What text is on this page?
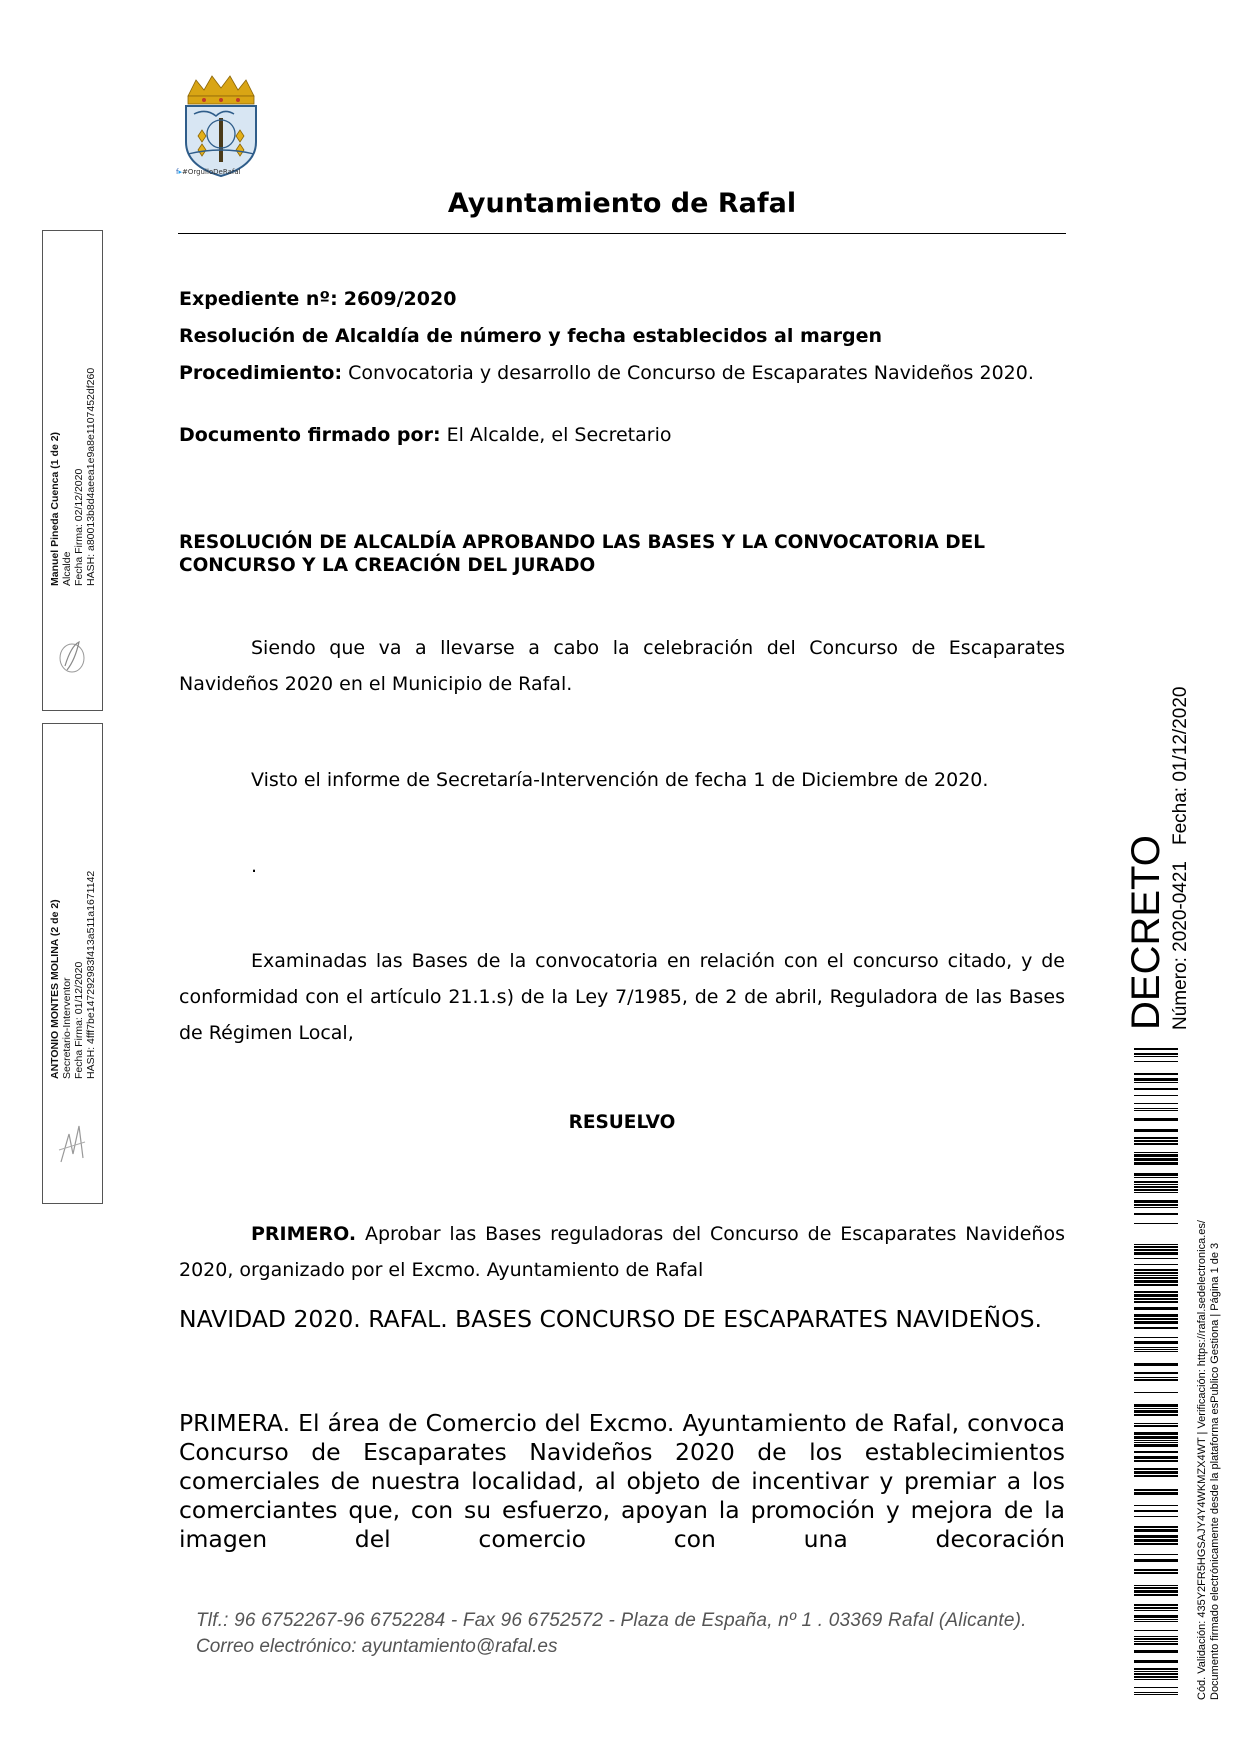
f▸#OrgulloDeRafal
Ayuntamiento de Rafal
Expediente nº: 2609/2020
Resolución de Alcaldía de número y fecha establecidos al margen
Procedimiento: Convocatoria y desarrollo de Concurso de Escaparates Navideños 2020.
Documento firmado por: El Alcalde, el Secretario
RESOLUCIÓN DE ALCALDÍA APROBANDO LAS BASES Y LA CONVOCATORIA DEL CONCURSO Y LA CREACIÓN DEL JURADO
Siendo que va a llevarse a cabo la celebración del Concurso de Escaparates Navideños 2020 en el Municipio de Rafal.
Visto el informe de Secretaría-Intervención de fecha 1 de Diciembre de 2020.
.
Examinadas las Bases de la convocatoria en relación con el concurso citado, y de conformidad con el artículo 21.1.s) de la Ley 7/1985, de 2 de abril, Reguladora de las Bases de Régimen Local,
RESUELVO
PRIMERO. Aprobar las Bases reguladoras del Concurso de Escaparates Navideños 2020, organizado por el Excmo. Ayuntamiento de Rafal
NAVIDAD 2020. RAFAL. BASES CONCURSO DE ESCAPARATES NAVIDEÑOS.
PRIMERA. El área de Comercio del Excmo. Ayuntamiento de Rafal, convoca Concurso de Escaparates Navideños 2020 de los establecimientos comerciales de nuestra localidad, al objeto de incentivar y premiar a los comerciantes que, con su esfuerzo, apoyan la promoción y mejora de la imagen del comercio con una decoración
Tlf.: 96 6752267-96 6752284 - Fax 96 6752572 - Plaza de España, nº 1 . 03369 Rafal (Alicante).
Correo electrónico: ayuntamiento@rafal.es
Manuel Pineda Cuenca (1 de 2) Alcalde Fecha Firma: 02/12/2020 HASH: a80013b8d4aeea1e9a8e1107452df260
ANTONIO MONTES MOLINA (2 de 2) Secretario-Interventor Fecha Firma: 01/12/2020 HASH: 4fff7be147292983f413a511a1671142	DECRETO Número: 2020-0421
Fecha: 01/12/2020
Cód. Validación: 435Y2FR5HGSAJY4Y4WKMZX4WT | Verificación: https://rafal.sedelectronica.es/ Documento firmado electrónicamente desde la plataforma esPublico Gestiona | Página 1 de 3
